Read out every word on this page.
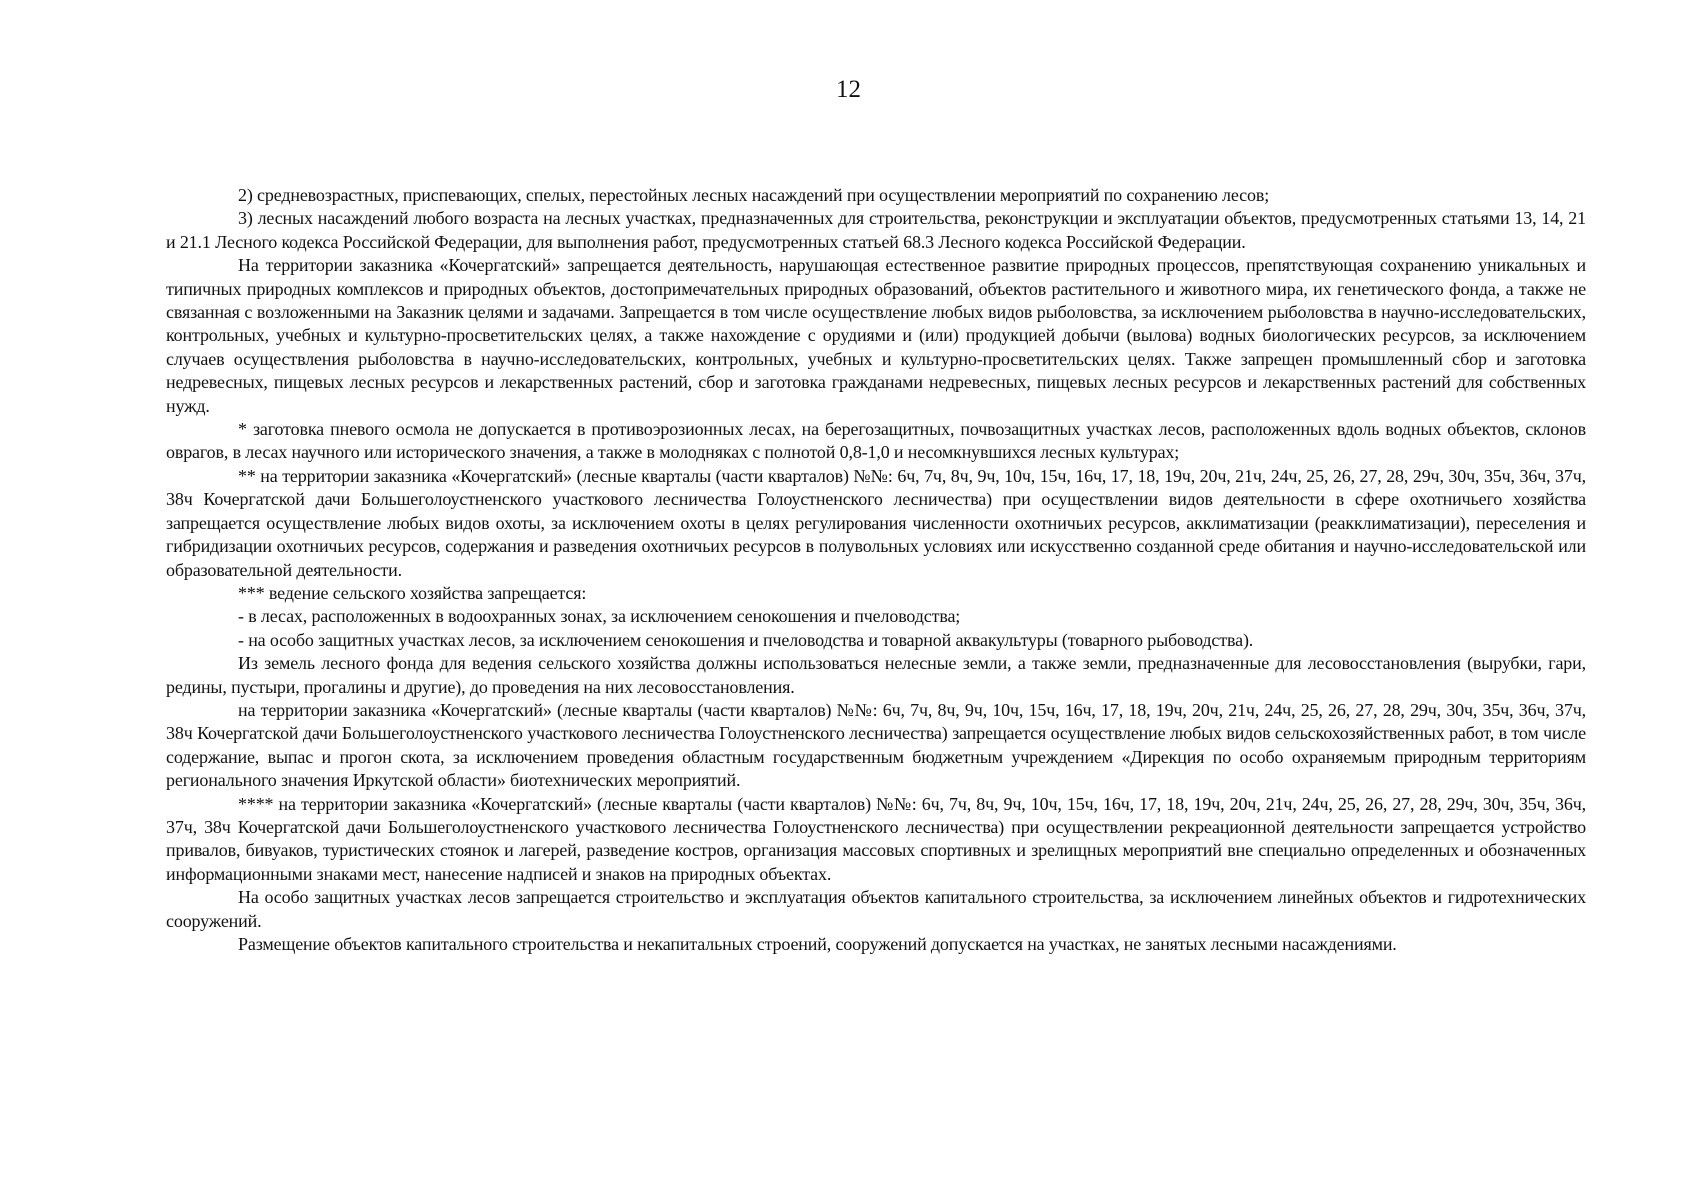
12

2) средневозрастных, приспевающих, спелых, перестойных лесных насаждений при осуществлении мероприятий по сохранению лесов;

3) лесных насаждений любого возраста на лесных участках, предназначенных для строительства, реконструкции и эксплуатации объектов, предусмотренных статьями 13, 14, 21 и 21.1 Лесного кодекса Российской Федерации, для выполнения работ, предусмотренных статьей 68.3 Лесного кодекса Российской Федерации.

На территории заказника «Кочергатский» запрещается деятельность, нарушающая естественное развитие природных процессов, препятствующая сохранению уникальных и типичных природных комплексов и природных объектов, достопримечательных природных образований, объектов растительного и животного мира, их генетического фонда, а также не связанная с возложенными на Заказник целями и задачами. Запрещается в том числе осуществление любых видов рыболовства, за исключением рыболовства в научно-исследовательских, контрольных, учебных и культурно-просветительских целях, а также нахождение с орудиями и (или) продукцией добычи (вылова) водных биологических ресурсов, за исключением случаев осуществления рыболовства в научно-исследовательских, контрольных, учебных и культурно-просветительских целях. Также запрещен промышленный сбор и заготовка недревесных, пищевых лесных ресурсов и лекарственных растений, сбор и заготовка гражданами недревесных, пищевых лесных ресурсов и лекарственных растений для собственных нужд.

* заготовка пневого осмола не допускается в противоэрозионных лесах, на берегозащитных, почвозащитных участках лесов, расположенных вдоль водных объектов, склонов оврагов, в лесах научного или исторического значения, а также в молодняках с полнотой 0,8-1,0 и несомкнувшихся лесных культурах;

** на территории заказника «Кочергатский» (лесные кварталы (части кварталов) №№: 6ч, 7ч, 8ч, 9ч, 10ч, 15ч, 16ч, 17, 18, 19ч, 20ч, 21ч, 24ч, 25, 26, 27, 28, 29ч, 30ч, 35ч, 36ч, 37ч, 38ч Кочергатской дачи Большеголоустненского участкового лесничества Голоустненского лесничества) при осуществлении видов деятельности в сфере охотничьего хозяйства запрещается осуществление любых видов охоты, за исключением охоты в целях регулирования численности охотничьих ресурсов, акклиматизации (реакклиматизации), переселения и гибридизации охотничьих ресурсов, содержания и разведения охотничьих ресурсов в полувольных условиях или искусственно созданной среде обитания и научно-исследовательской или образовательной деятельности.

*** ведение сельского хозяйства запрещается:

- в лесах, расположенных в водоохранных зонах, за исключением сенокошения и пчеловодства;

- на особо защитных участках лесов, за исключением сенокошения и пчеловодства и товарной аквакультуры (товарного рыбоводства).

Из земель лесного фонда для ведения сельского хозяйства должны использоваться нелесные земли, а также земли, предназначенные для лесовосстановления (вырубки, гари, редины, пустыри, прогалины и другие), до проведения на них лесовосстановления.

на территории заказника «Кочергатский» (лесные кварталы (части кварталов) №№: 6ч, 7ч, 8ч, 9ч, 10ч, 15ч, 16ч, 17, 18, 19ч, 20ч, 21ч, 24ч, 25, 26, 27, 28, 29ч, 30ч, 35ч, 36ч, 37ч, 38ч Кочергатской дачи Большеголоустненского участкового лесничества Голоустненского лесничества) запрещается осуществление любых видов сельскохозяйственных работ, в том числе содержание, выпас и прогон скота, за исключением проведения областным государственным бюджетным учреждением «Дирекция по особо охраняемым природным территориям регионального значения Иркутской области» биотехнических мероприятий.

**** на территории заказника «Кочергатский» (лесные кварталы (части кварталов) №№: 6ч, 7ч, 8ч, 9ч, 10ч, 15ч, 16ч, 17, 18, 19ч, 20ч, 21ч, 24ч, 25, 26, 27, 28, 29ч, 30ч, 35ч, 36ч, 37ч, 38ч Кочергатской дачи Большеголоустненского участкового лесничества Голоустненского лесничества) при осуществлении рекреационной деятельности запрещается устройство привалов, бивуаков, туристических стоянок и лагерей, разведение костров, организация массовых спортивных и зрелищных мероприятий вне специально определенных и обозначенных информационными знаками мест, нанесение надписей и знаков на природных объектах.

На особо защитных участках лесов запрещается строительство и эксплуатация объектов капитального строительства, за исключением линейных объектов и гидротехнических сооружений.

Размещение объектов капитального строительства и некапитальных строений, сооружений допускается на участках, не занятых лесными насаждениями.
